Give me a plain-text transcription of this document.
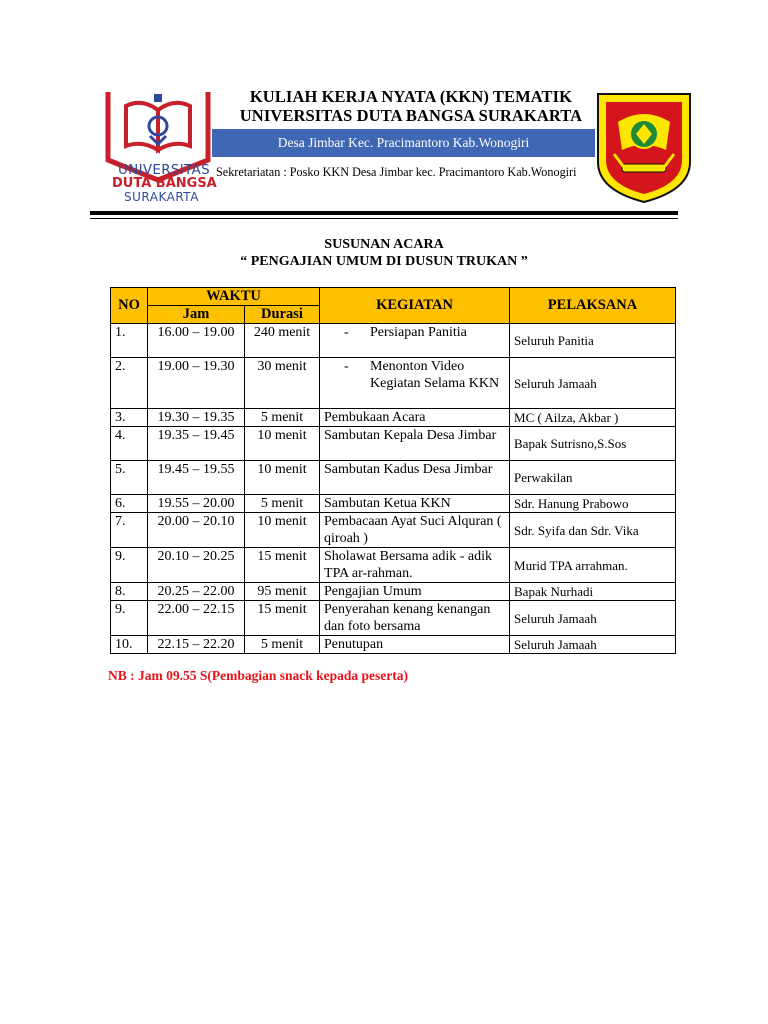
UNIVERSITAS
DUTA BANGSA
SURAKARTA
KULIAH KERJA NYATA (KKN) TEMATIK
UNIVERSITAS DUTA BANGSA SURAKARTA
Desa Jimbar Kec. Pracimantoro Kab.Wonogiri
Sekretariatan : Posko KKN Desa Jimbar kec. Pracimantoro Kab.Wonogiri
SUSUNAN ACARA
“ PENGAJIAN UMUM DI DUSUN TRUKAN ”
NO	WAKTU		KEGIATAN	PELAKSANA
	Jam	Durasi		
1.	16.00 – 19.00	240 menit	- Persiapan Panitia	Seluruh Panitia
2.	19.00 – 19.30	30 menit	- Menonton Video Kegiatan Selama KKN	Seluruh Jamaah
3.	19.30 – 19.35	5 menit	Pembukaan Acara	MC ( Ailza, Akbar )
4.	19.35 – 19.45	10 menit	Sambutan Kepala Desa Jimbar	Bapak Sutrisno,S.Sos
5.	19.45 – 19.55	10 menit	Sambutan Kadus Desa Jimbar	Perwakilan
6.	19.55 – 20.00	5 menit	Sambutan Ketua KKN	Sdr. Hanung Prabowo
7.	20.00 – 20.10	10 menit	Pembacaan Ayat Suci Alquran ( qiroah )	Sdr. Syifa dan Sdr. Vika
9.	20.10 – 20.25	15 menit	Sholawat Bersama adik - adik TPA ar-rahman.	Murid TPA arrahman.
8.	20.25 – 22.00	95 menit	Pengajian Umum	Bapak Nurhadi
9.	22.00 – 22.15	15 menit	Penyerahan kenang kenangan dan foto bersama	Seluruh Jamaah
10.	22.15 – 22.20	5 menit	Penutupan	Seluruh Jamaah
NB : Jam 09.55 S(Pembagian snack kepada peserta)
